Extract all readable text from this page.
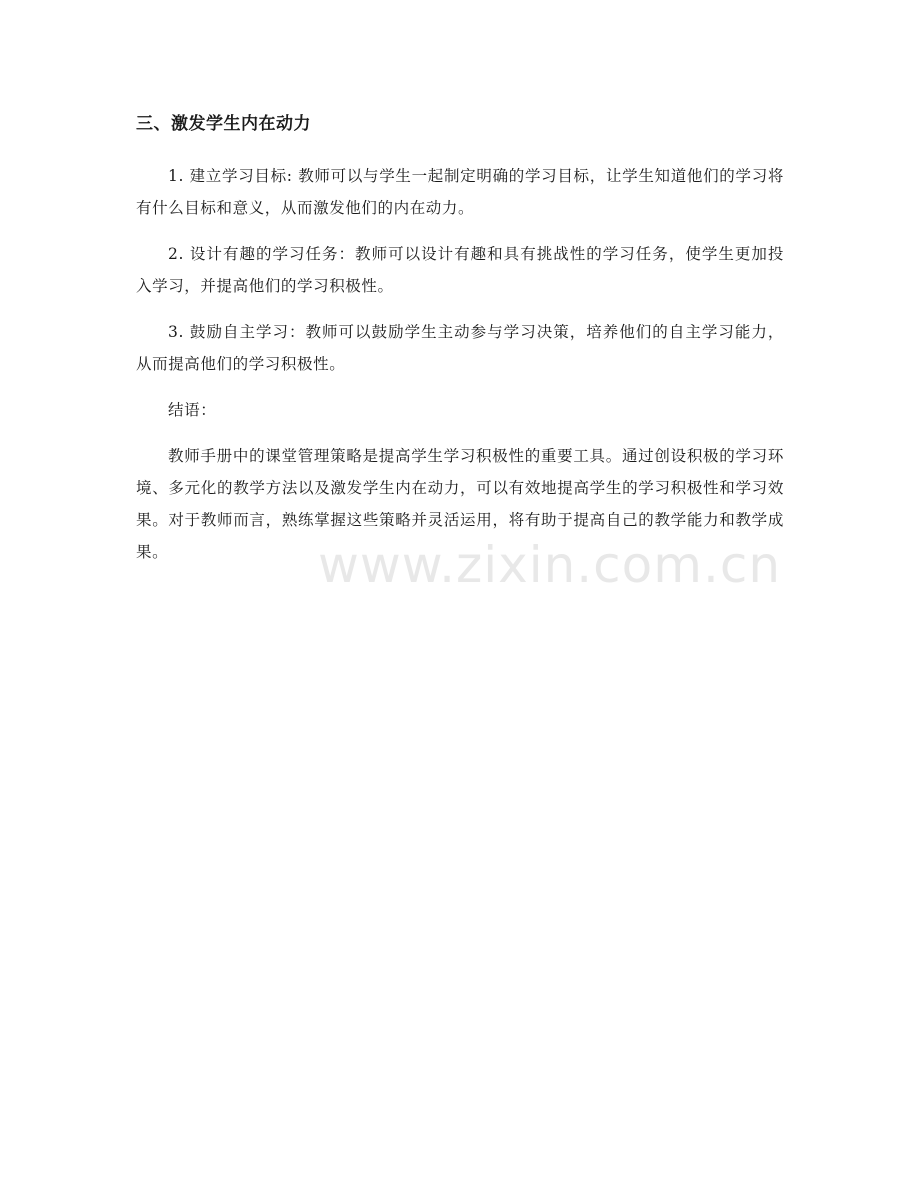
三、激发学生内在动力

1. 建立学习目标: 教师可以与学生一起制定明确的学习目标，让学生知道他们的学习将有什么目标和意义，从而激发他们的内在动力。

2. 设计有趣的学习任务：教师可以设计有趣和具有挑战性的学习任务，使学生更加投入学习，并提高他们的学习积极性。

3. 鼓励自主学习：教师可以鼓励学生主动参与学习决策，培养他们的自主学习能力，从而提高他们的学习积极性。

结语：

教师手册中的课堂管理策略是提高学生学习积极性的重要工具。通过创设积极的学习环境、多元化的教学方法以及激发学生内在动力，可以有效地提高学生的学习积极性和学习效果。对于教师而言，熟练掌握这些策略并灵活运用，将有助于提高自己的教学能力和教学成果。	www.zixin.com.cn
